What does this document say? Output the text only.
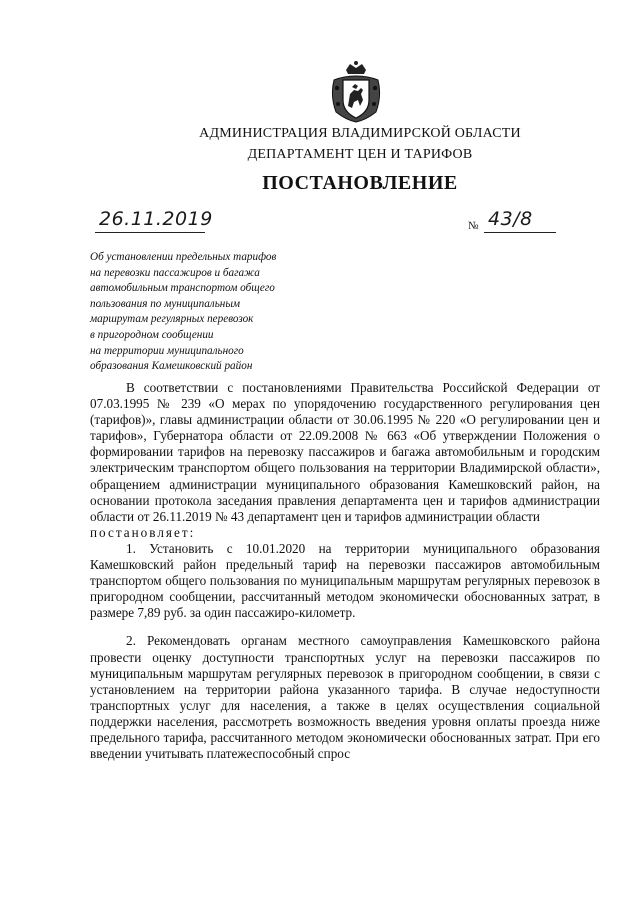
АДМИНИСТРАЦИЯ ВЛАДИМИРСКОЙ ОБЛАСТИ
ДЕПАРТАМЕНТ ЦЕН И ТАРИФОВ
ПОСТАНОВЛЕНИЕ
26.11.2019	№ 43/8
Об установлении предельных тарифов
на перевозки пассажиров и багажа
автомобильным транспортом общего
пользования по муниципальным
маршрутам регулярных перевозок
в пригородном сообщении
на территории муниципального
образования Камешковский район

В соответствии с постановлениями Правительства Российской Федерации от 07.03.1995 № 239 «О мерах по упорядочению государственного регулирования цен (тарифов)», главы администрации области от 30.06.1995 № 220 «О регулировании цен и тарифов», Губернатора области от 22.09.2008 № 663 «Об утверждении Положения о формировании тарифов на перевозку пассажиров и багажа автомобильным и городским электрическим транспортом общего пользования на территории Владимирской области», обращением администрации муниципального образования Камешковский район, на основании протокола заседания правления департамента цен и тарифов администрации области от 26.11.2019 № 43 департамент цен и тарифов администрации области

постановляет:

1. Установить с 10.01.2020 на территории муниципального образования Камешковский район предельный тариф на перевозки пассажиров автомобильным транспортом общего пользования по муниципальным маршрутам регулярных перевозок в пригородном сообщении, рассчитанный методом экономически обоснованных затрат, в размере 7,89 руб. за один пассажиро-километр.

2. Рекомендовать органам местного самоуправления Камешковского района провести оценку доступности транспортных услуг на перевозки пассажиров по муниципальным маршрутам регулярных перевозок в пригородном сообщении, в связи с установлением на территории района указанного тарифа. В случае недоступности транспортных услуг для населения, а также в целях осуществления социальной поддержки населения, рассмотреть возможность введения уровня оплаты проезда ниже предельного тарифа, рассчитанного методом экономически обоснованных затрат. При его введении учитывать платежеспособный спрос
